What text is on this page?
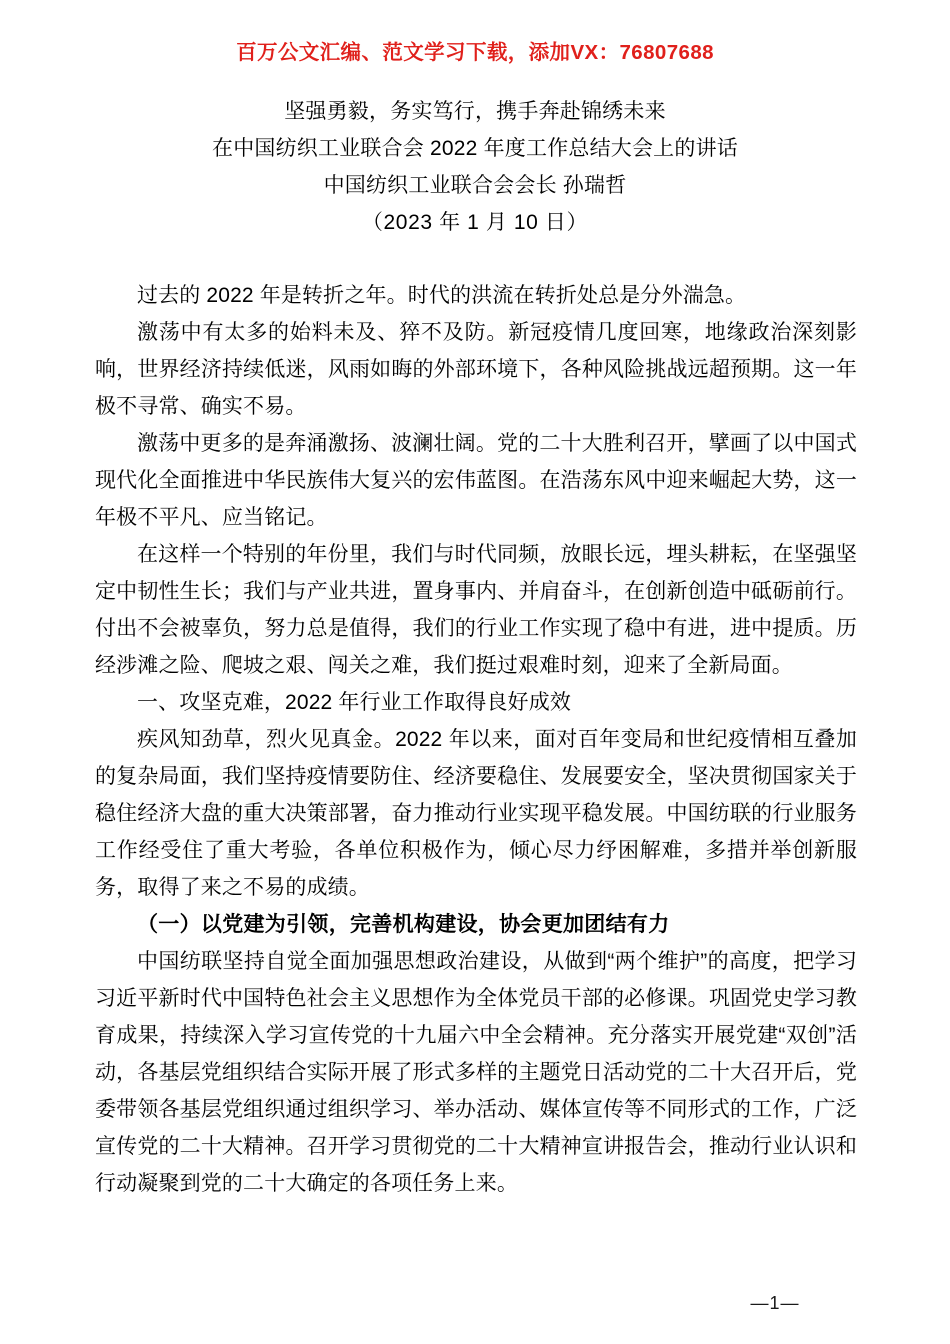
百万公文汇编、范文学习下载，添加VX：76807688
坚强勇毅，务实笃行，携手奔赴锦绣未来
在中国纺织工业联合会 2022 年度工作总结大会上的讲话
中国纺织工业联合会会长 孙瑞哲
（2023 年 1 月 10 日）

过去的 2022 年是转折之年。时代的洪流在转折处总是分外湍急。

激荡中有太多的始料未及、猝不及防。新冠疫情几度回寒，地缘政治深刻影响，世界经济持续低迷，风雨如晦的外部环境下，各种风险挑战远超预期。这一年极不寻常、确实不易。

激荡中更多的是奔涌激扬、波澜壮阔。党的二十大胜利召开，擘画了以中国式现代化全面推进中华民族伟大复兴的宏伟蓝图。在浩荡东风中迎来崛起大势，这一年极不平凡、应当铭记。

在这样一个特别的年份里，我们与时代同频，放眼长远，埋头耕耘，在坚强坚定中韧性生长；我们与产业共进，置身事内、并肩奋斗，在创新创造中砥砺前行。付出不会被辜负，努力总是值得，我们的行业工作实现了稳中有进，进中提质。历经涉滩之险、爬坡之艰、闯关之难，我们挺过艰难时刻，迎来了全新局面。

一、攻坚克难，2022 年行业工作取得良好成效

疾风知劲草，烈火见真金。2022 年以来，面对百年变局和世纪疫情相互叠加的复杂局面，我们坚持疫情要防住、经济要稳住、发展要安全，坚决贯彻国家关于稳住经济大盘的重大决策部署，奋力推动行业实现平稳发展。中国纺联的行业服务工作经受住了重大考验，各单位积极作为，倾心尽力纾困解难，多措并举创新服务，取得了来之不易的成绩。

（一）以党建为引领，完善机构建设，协会更加团结有力

中国纺联坚持自觉全面加强思想政治建设，从做到“两个维护”的高度，把学习习近平新时代中国特色社会主义思想作为全体党员干部的必修课。巩固党史学习教育成果，持续深入学习宣传党的十九届六中全会精神。充分落实开展党建“双创”活动，各基层党组织结合实际开展了形式多样的主题党日活动党的二十大召开后，党委带领各基层党组织通过组织学习、举办活动、媒体宣传等不同形式的工作，广泛宣传党的二十大精神。召开学习贯彻党的二十大精神宣讲报告会，推动行业认识和行动凝聚到党的二十大确定的各项任务上来。

—1—
